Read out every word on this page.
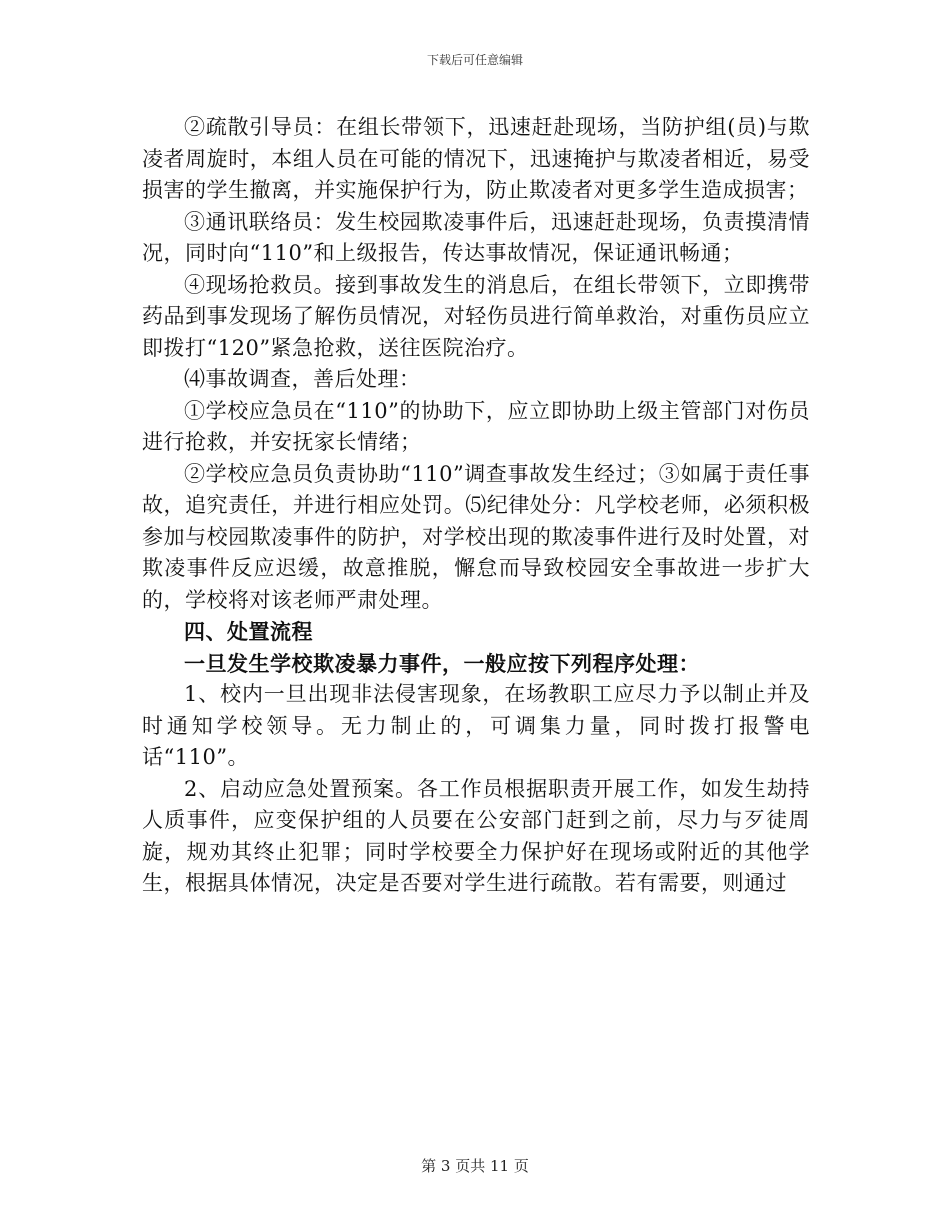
下载后可任意编辑

②疏散引导员：在组长带领下，迅速赶赴现场，当防护组(员)与欺凌者周旋时，本组人员在可能的情况下，迅速掩护与欺凌者相近，易受损害的学生撤离，并实施保护行为，防止欺凌者对更多学生造成损害；

③通讯联络员：发生校园欺凌事件后，迅速赶赴现场，负责摸清情况，同时向“110”和上级报告，传达事故情况，保证通讯畅通；

④现场抢救员。接到事故发生的消息后，在组长带领下，立即携带药品到事发现场了解伤员情况，对轻伤员进行简单救治，对重伤员应立即拨打“120”紧急抢救，送往医院治疗。

⑷事故调查，善后处理：

①学校应急员在“110”的协助下，应立即协助上级主管部门对伤员进行抢救，并安抚家长情绪；

②学校应急员负责协助“110”调查事故发生经过；③如属于责任事故，追究责任，并进行相应处罚。⑸纪律处分：凡学校老师，必须积极参加与校园欺凌事件的防护，对学校出现的欺凌事件进行及时处置，对欺凌事件反应迟缓，故意推脱，懈怠而导致校园安全事故进一步扩大的，学校将对该老师严肃处理。

四、处置流程

一旦发生学校欺凌暴力事件，一般应按下列程序处理：

1、校内一旦出现非法侵害现象，在场教职工应尽力予以制止并及时通知学校领导。无力制止的，可调集力量，同时拨打报警电话“110”。

2、启动应急处置预案。各工作员根据职责开展工作，如发生劫持人质事件，应变保护组的人员要在公安部门赶到之前，尽力与歹徒周旋，规劝其终止犯罪；同时学校要全力保护好在现场或附近的其他学生，根据具体情况，决定是否要对学生进行疏散。若有需要，则通过

第 3 页共 11 页
